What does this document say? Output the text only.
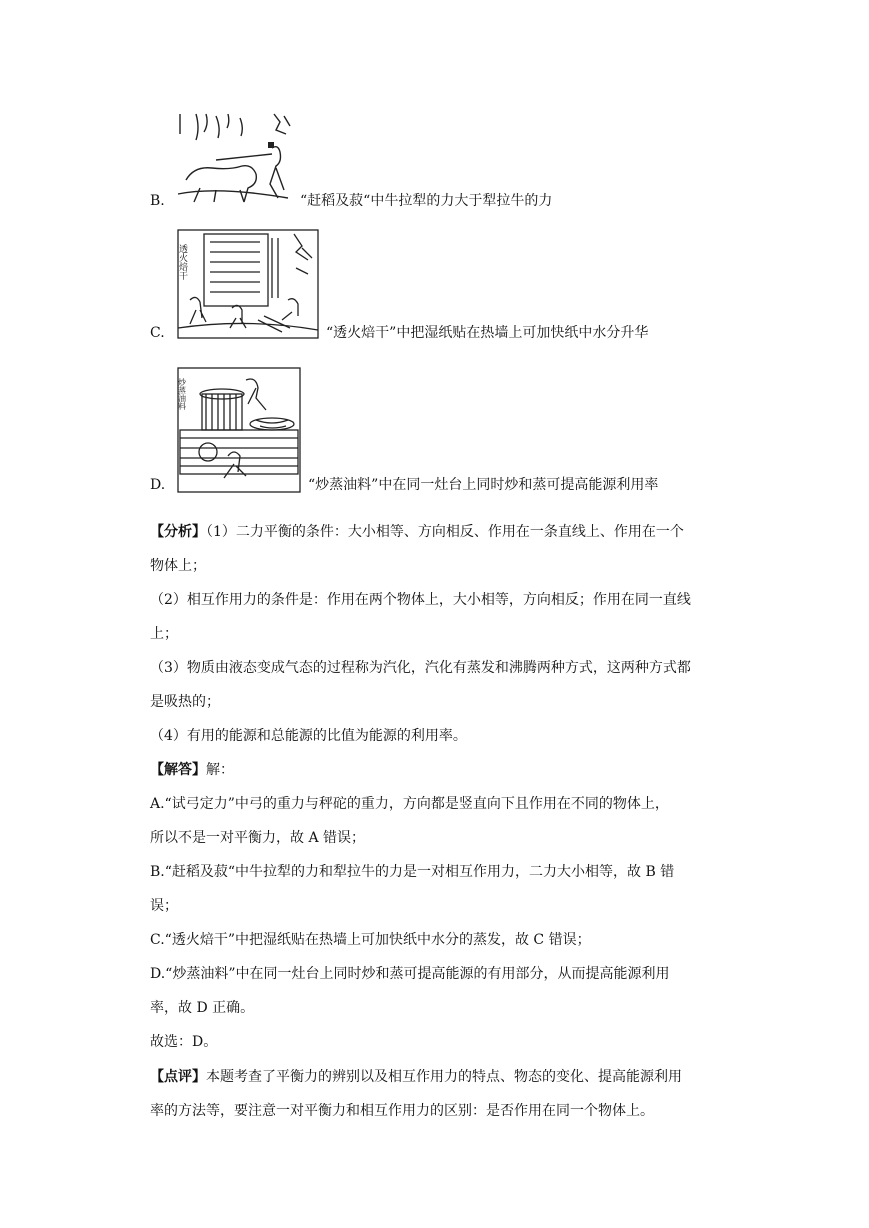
B.	“赶稻及菽“中牛拉犁的力大于犁拉牛的力
C.
透火焙干
“透火焙干”中把湿纸贴在热墙上可加快纸中水分升华
D.
炒蒸油料
“炒蒸油料”中在同一灶台上同时炒和蒸可提高能源利用率
【分析】（1）二力平衡的条件：大小相等、方向相反、作用在一条直线上、作用在一个
物体上；
（2）相互作用力的条件是：作用在两个物体上，大小相等，方向相反；作用在同一直线
上；
（3）物质由液态变成气态的过程称为汽化，汽化有蒸发和沸腾两种方式，这两种方式都
是吸热的；
（4）有用的能源和总能源的比值为能源的利用率。
【解答】解：
A.“试弓定力”中弓的重力与秤砣的重力，方向都是竖直向下且作用在不同的物体上，
所以不是一对平衡力，故 A 错误；
B.“赶稻及菽“中牛拉犁的力和犁拉牛的力是一对相互作用力，二力大小相等，故 B 错
误；
C.“透火焙干”中把湿纸贴在热墙上可加快纸中水分的蒸发，故 C 错误；
D.“炒蒸油料”中在同一灶台上同时炒和蒸可提高能源的有用部分，从而提高能源利用
率，故 D 正确。
故选：D。
【点评】本题考查了平衡力的辨别以及相互作用力的特点、物态的变化、提高能源利用
率的方法等，要注意一对平衡力和相互作用力的区别：是否作用在同一个物体上。
